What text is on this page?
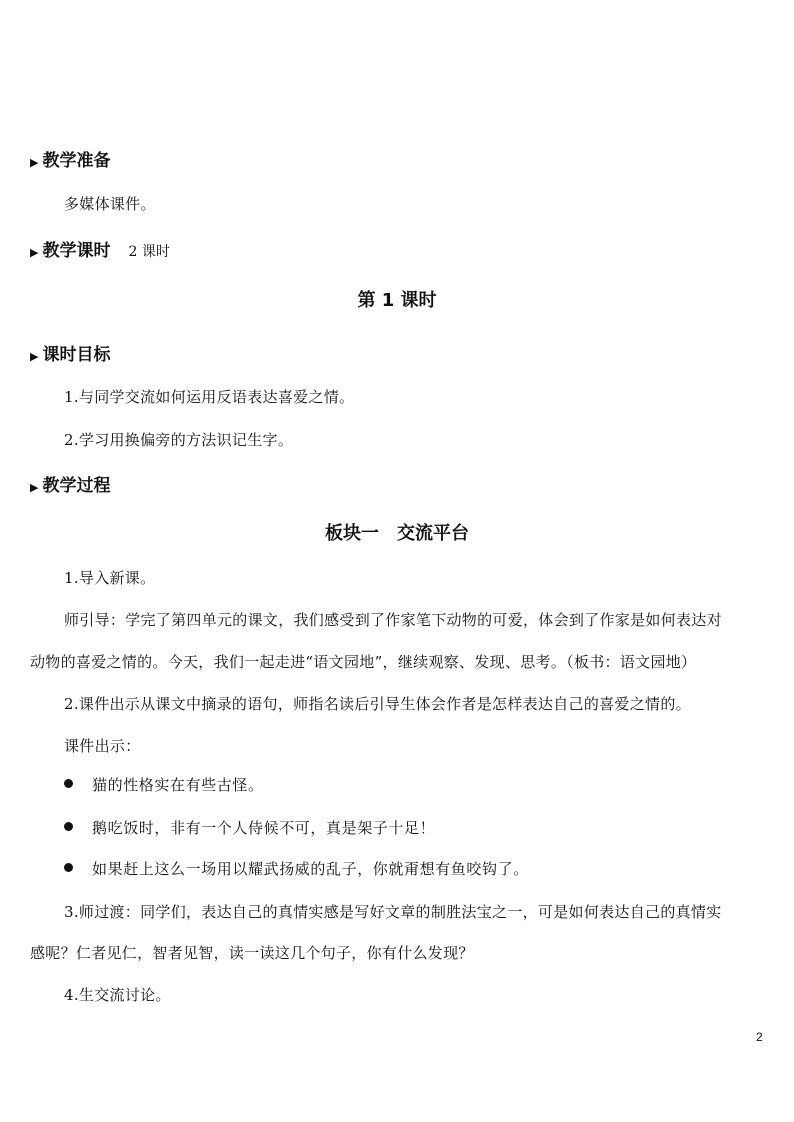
▶ 教学准备
多媒体课件。
▶ 教学课时 2 课时
第 1 课时
▶ 课时目标
1.与同学交流如何运用反语表达喜爱之情。
2.学习用换偏旁的方法识记生字。
▶ 教学过程
板块一　交流平台
1.导入新课。
师引导：学完了第四单元的课文，我们感受到了作家笔下动物的可爱，体会到了作家是如何表达对
动物的喜爱之情的。今天，我们一起走进“语文园地”，继续观察、发现、思考。（板书：语文园地）
2.课件出示从课文中摘录的语句，师指名读后引导生体会作者是怎样表达自己的喜爱之情的。
课件出示：
猫的性格实在有些古怪。
鹅吃饭时，非有一个人侍候不可，真是架子十足！
如果赶上这么一场用以耀武扬威的乱子，你就甭想有鱼咬钩了。
3.师过渡：同学们，表达自己的真情实感是写好文章的制胜法宝之一，可是如何表达自己的真情实
感呢？仁者见仁，智者见智，读一读这几个句子，你有什么发现？
4.生交流讨论。
2
